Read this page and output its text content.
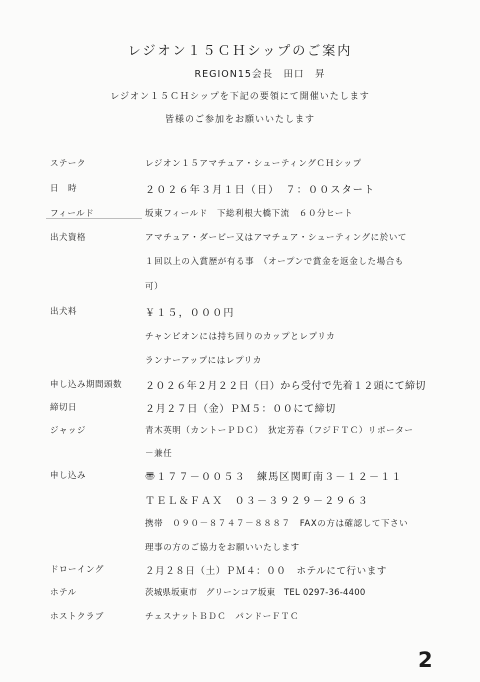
レジオン１５ＣＨシップのご案内
REGION15会長　田口　昇
レジオン１５ＣＨシップを下記の要領にて開催いたします
皆様のご参加をお願いいたします
ステーク	レジオン１５アマチュア・シューティングＣＨシップ
日　時	２０２６年３月１日（日）　７：００スタート
フィールド	坂東フィールド　下総利根大橋下流　６０分ヒート
出犬資格	アマチュア・ダービー又はアマチュア・シューティングに於いて
１回以上の入賞歴が有る事　（オープンで賞金を返金した場合も
可）
出犬料	￥１５，０００円
チャンピオンには持ち回りのカップとレプリカ
ランナーアップにはレプリカ
申し込み期間頭数 ２０２６年２月２２日（日）から受付で先着１２頭にて締切
締切日	２月２７日（金）ＰＭ５：００にて締切
ジャッジ	青木英明（カントーＰＤＣ）　狄定芳春（フジＦＴＣ）リポーター
－兼任
申し込み	〠１７７－００５３　練馬区関町南３－１２－１１
ＴＥＬ＆ＦＡＸ　０３－３９２９－２９６３
携帯　０９０－８７４７－８８８７　FAXの方は確認して下さい
理事の方のご協力をお願いいたします
ドローイング	２月２８日（土）ＰＭ４：００　ホテルにて行います
ホテル	茨城県坂東市　グリーンコア坂東　TEL 0297-36-4400
ホストクラブ	チェスナットＢＤＣ　パンドーＦＴＣ
2
